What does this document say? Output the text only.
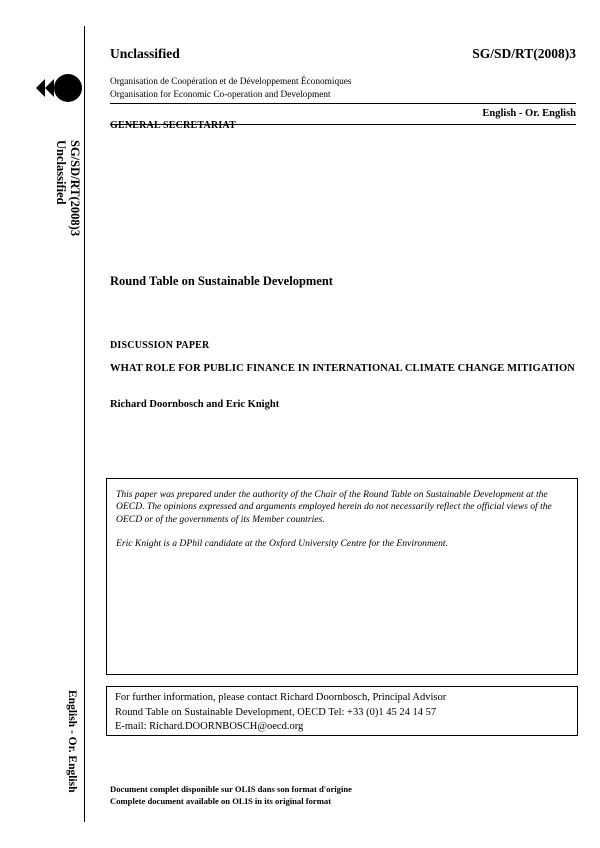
SG/SD/RT(2008)3
Unclassified
English - Or. English
Unclassified	SG/SD/RT(2008)3
Organisation de Coopération et de Développement Économiques
Organisation for Economic Co-operation and Development
English - Or. English
GENERAL SECRETARIAT
Round Table on Sustainable Development
DISCUSSION PAPER
WHAT ROLE FOR PUBLIC FINANCE IN INTERNATIONAL CLIMATE CHANGE MITIGATION
Richard Doornbosch and Eric Knight

This paper was prepared under the authority of the Chair of the Round Table on Sustainable Development at the OECD. The opinions expressed and arguments employed herein do not necessarily reflect the official views of the OECD or of the governments of its Member countries.

Eric Knight is a DPhil candidate at the Oxford University Centre for the Environment.

For further information, please contact Richard Doornbosch, Principal Advisor

Round Table on Sustainable Development, OECD Tel: +33 (0)1 45 24 14 57

E-mail: Richard.DOORNBOSCH@oecd.org

Document complet disponible sur OLIS dans son format d'origine
Complete document available on OLIS in its original format
